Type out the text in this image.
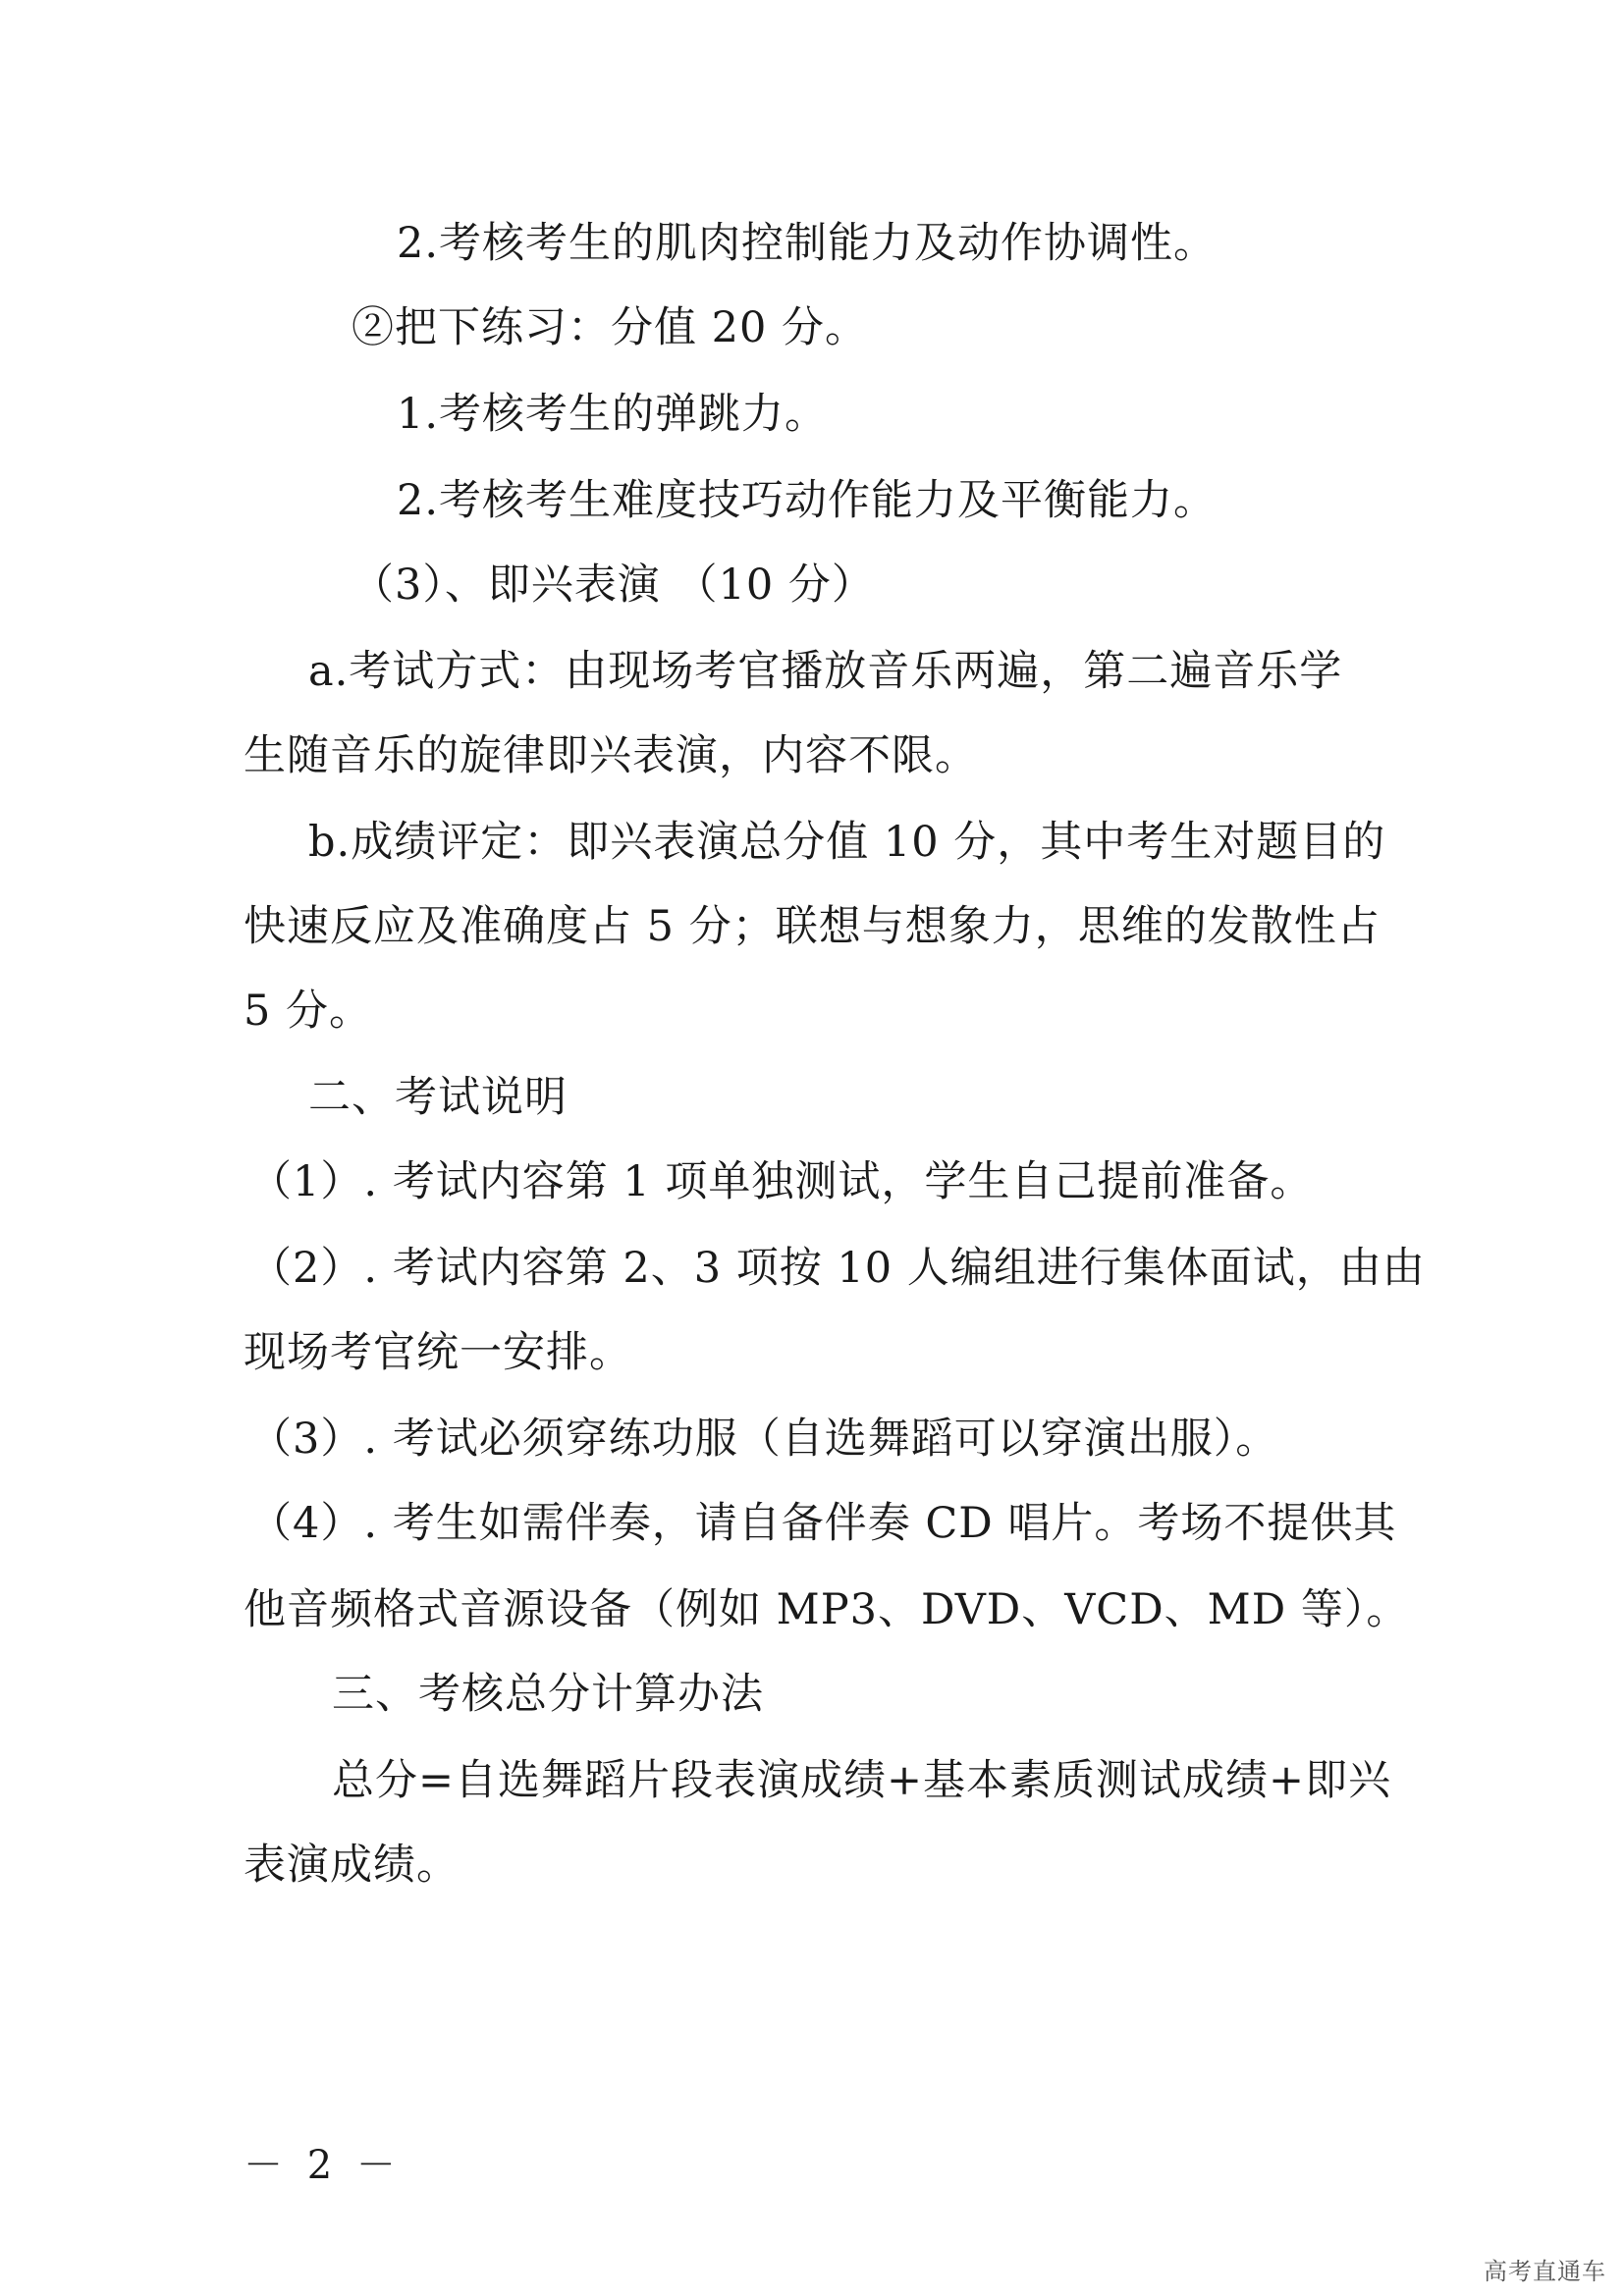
2.考核考生的肌肉控制能力及动作协调性。
②把下练习：分值 20 分。
1.考核考生的弹跳力。
2.考核考生难度技巧动作能力及平衡能力。
（3）、即兴表演 （10 分）
a.考试方式：由现场考官播放音乐两遍，第二遍音乐学
生随音乐的旋律即兴表演，内容不限。
b.成绩评定：即兴表演总分值 10 分，其中考生对题目的
快速反应及准确度占 5 分；联想与想象力，思维的发散性占
5 分。
二、考试说明
（1）. 考试内容第 1 项单独测试，学生自己提前准备。
（2）. 考试内容第 2、3 项按 10 人编组进行集体面试，由由
现场考官统一安排。
（3）. 考试必须穿练功服（自选舞蹈可以穿演出服）。
（4）. 考生如需伴奏，请自备伴奏 CD 唱片。考场不提供其
他音频格式音源设备（例如 MP3、DVD、VCD、MD 等）。
三、考核总分计算办法
总分=自选舞蹈片段表演成绩+基本素质测试成绩+即兴
表演成绩。
－ 2 －
高考直通车
